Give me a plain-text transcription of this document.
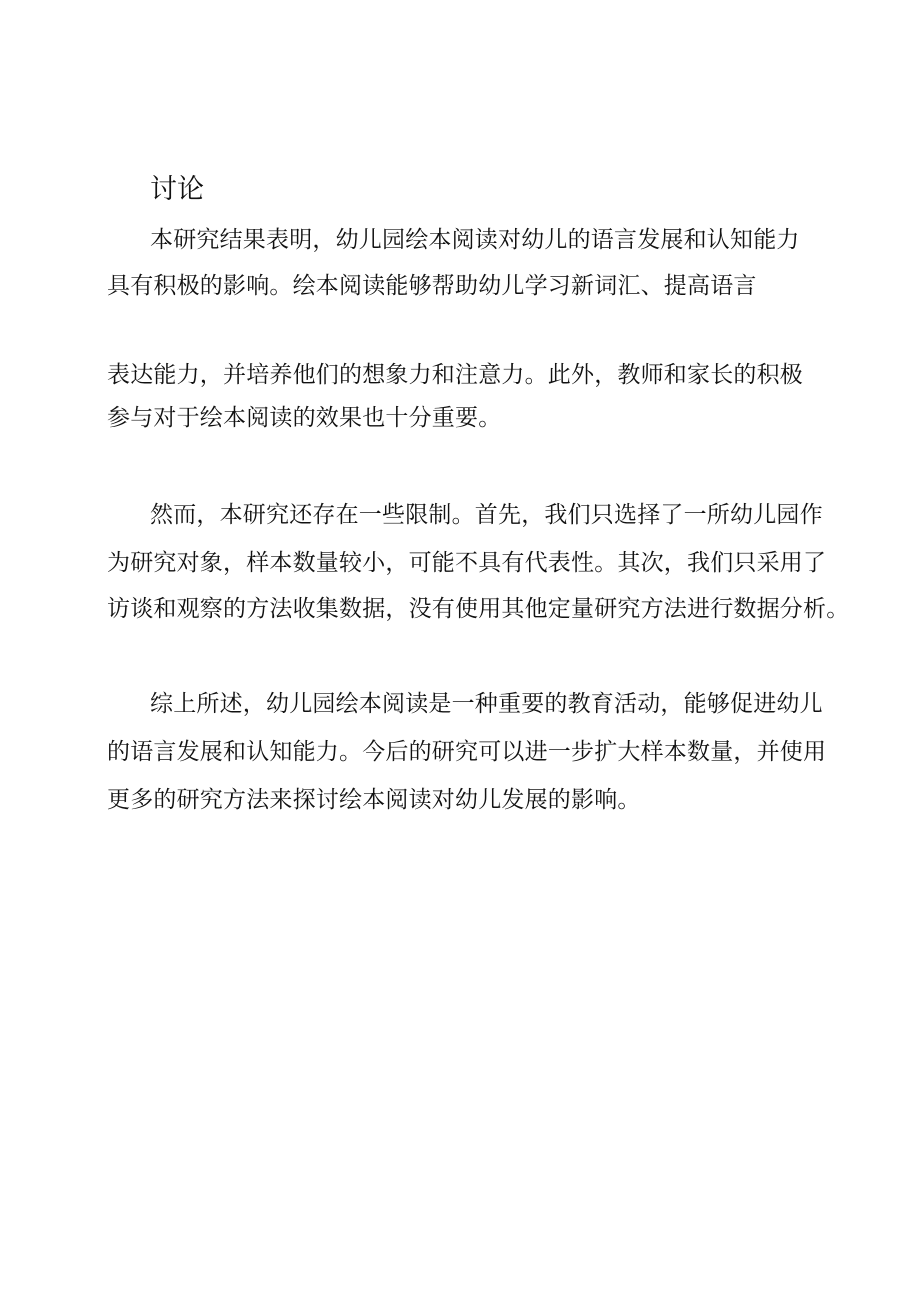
讨论
本研究结果表明，幼儿园绘本阅读对幼儿的语言发展和认知能力
具有积极的影响。绘本阅读能够帮助幼儿学习新词汇、提高语言
表达能力，并培养他们的想象力和注意力。此外，教师和家长的积极
参与对于绘本阅读的效果也十分重要。
然而，本研究还存在一些限制。首先，我们只选择了一所幼儿园作
为研究对象，样本数量较小，可能不具有代表性。其次，我们只采用了
访谈和观察的方法收集数据，没有使用其他定量研究方法进行数据分析。
综上所述，幼儿园绘本阅读是一种重要的教育活动，能够促进幼儿
的语言发展和认知能力。今后的研究可以进一步扩大样本数量，并使用
更多的研究方法来探讨绘本阅读对幼儿发展的影响。
